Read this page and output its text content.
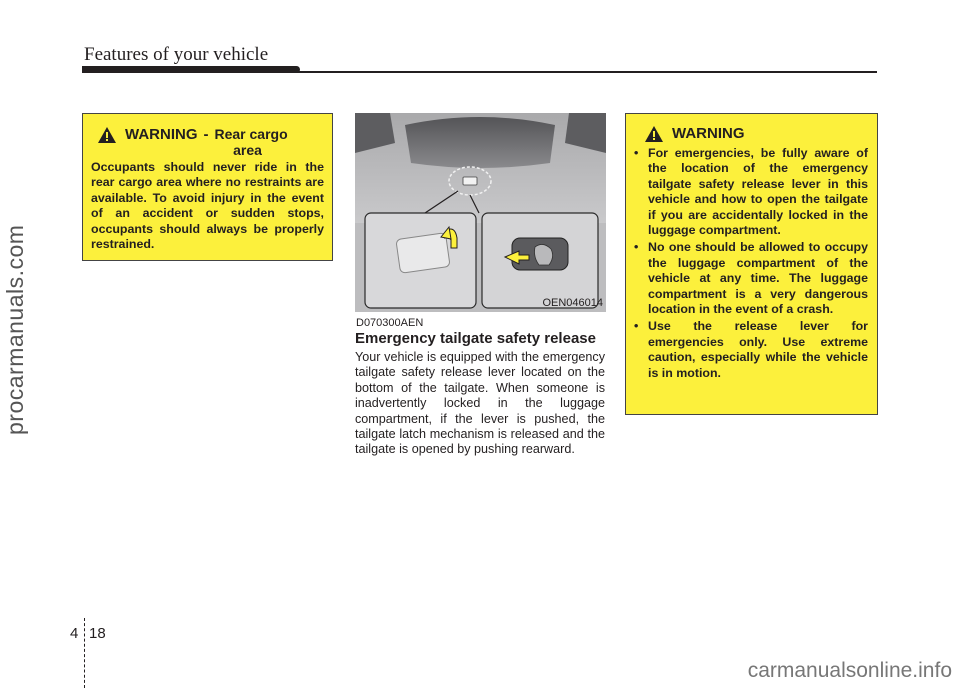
Features of your vehicle
procarmanuals.com
WARNING - Rear cargo
area
Occupants should never ride in the rear cargo area where no restraints are available. To avoid injury in the event of an accident or sudden stops, occupants should always be properly restrained.
OEN046014
D070300AEN
Emergency tailgate safety release
Your vehicle is equipped with the emergency tailgate safety release lever located on the bottom of the tailgate. When someone is inadvertently locked in the luggage compartment, if the lever is pushed, the tailgate latch mechanism is released and the tailgate is opened by pushing rearward.
WARNING
• For emergencies, be fully aware of the location of the emergency tailgate safety release lever in this vehicle and how to open the tailgate if you are accidentally locked in the luggage compartment.
• No one should be allowed to occupy the luggage compartment of the vehicle at any time. The luggage compartment is a very dangerous location in the event of a crash.
• Use the release lever for emergencies only. Use extreme caution, especially while the vehicle is in motion.
4 18
carmanualsonline.info
